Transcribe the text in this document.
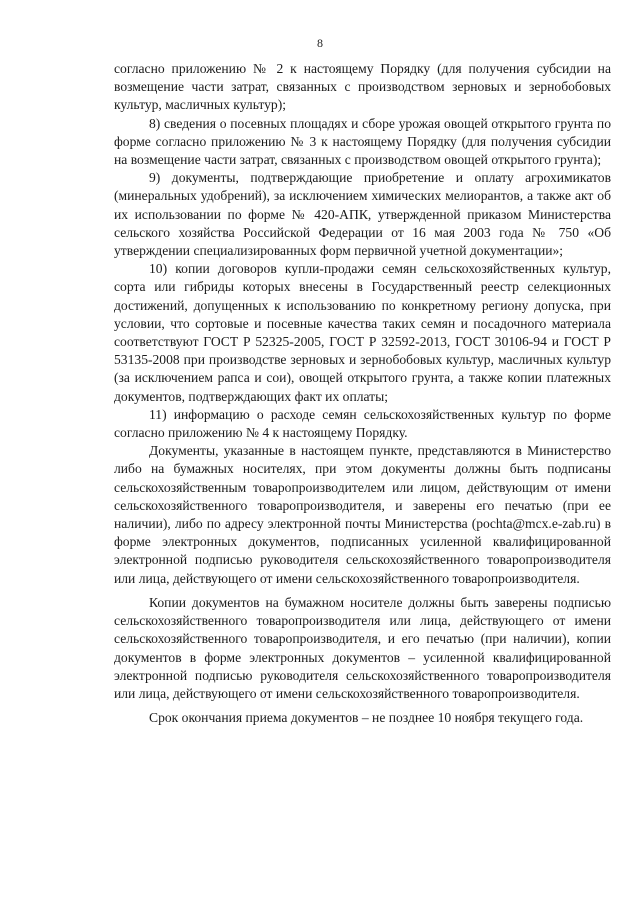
8

согласно приложению № 2 к настоящему Порядку (для получения субсидии на возмещение части затрат, связанных с производством зерновых и зернобобовых культур, масличных культур);

8) сведения о посевных площадях и сборе урожая овощей открытого грунта по форме согласно приложению № 3 к настоящему Порядку (для получения субсидии на возмещение части затрат, связанных с производством овощей открытого грунта);

9) документы, подтверждающие приобретение и оплату агрохимикатов (минеральных удобрений), за исключением химических мелиорантов, а также акт об их использовании по форме № 420-АПК, утвержденной приказом Министерства сельского хозяйства Российской Федерации от 16 мая 2003 года № 750 «Об утверждении специализированных форм первичной учетной документации»;

10) копии договоров купли-продажи семян сельскохозяйственных культур, сорта или гибриды которых внесены в Государственный реестр селекционных достижений, допущенных к использованию по конкретному региону допуска, при условии, что сортовые и посевные качества таких семян и посадочного материала соответствуют ГОСТ Р 52325-2005, ГОСТ Р 32592-2013, ГОСТ 30106-94 и ГОСТ Р 53135-2008 при производстве зерновых и зернобобовых культур, масличных культур (за исключением рапса и сои), овощей открытого грунта, а также копии платежных документов, подтверждающих факт их оплаты;

11) информацию о расходе семян сельскохозяйственных культур по форме согласно приложению № 4 к настоящему Порядку.

Документы, указанные в настоящем пункте, представляются в Министерство либо на бумажных носителях, при этом документы должны быть подписаны сельскохозяйственным товаропроизводителем или лицом, действующим от имени сельскохозяйственного товаропроизводителя, и заверены его печатью (при ее наличии), либо по адресу электронной почты Министерства (pochta@mcx.e-zab.ru) в форме электронных документов, подписанных усиленной квалифицированной электронной подписью руководителя сельскохозяйственного товаропроизводителя или лица, действующего от имени сельскохозяйственного товаропроизводителя.

Копии документов на бумажном носителе должны быть заверены подписью сельскохозяйственного товаропроизводителя или лица, действующего от имени сельскохозяйственного товаропроизводителя, и его печатью (при наличии), копии документов в форме электронных документов – усиленной квалифицированной электронной подписью руководителя сельскохозяйственного товаропроизводителя или лица, действующего от имени сельскохозяйственного товаропроизводителя.

Срок окончания приема документов – не позднее 10 ноября текущего года.
